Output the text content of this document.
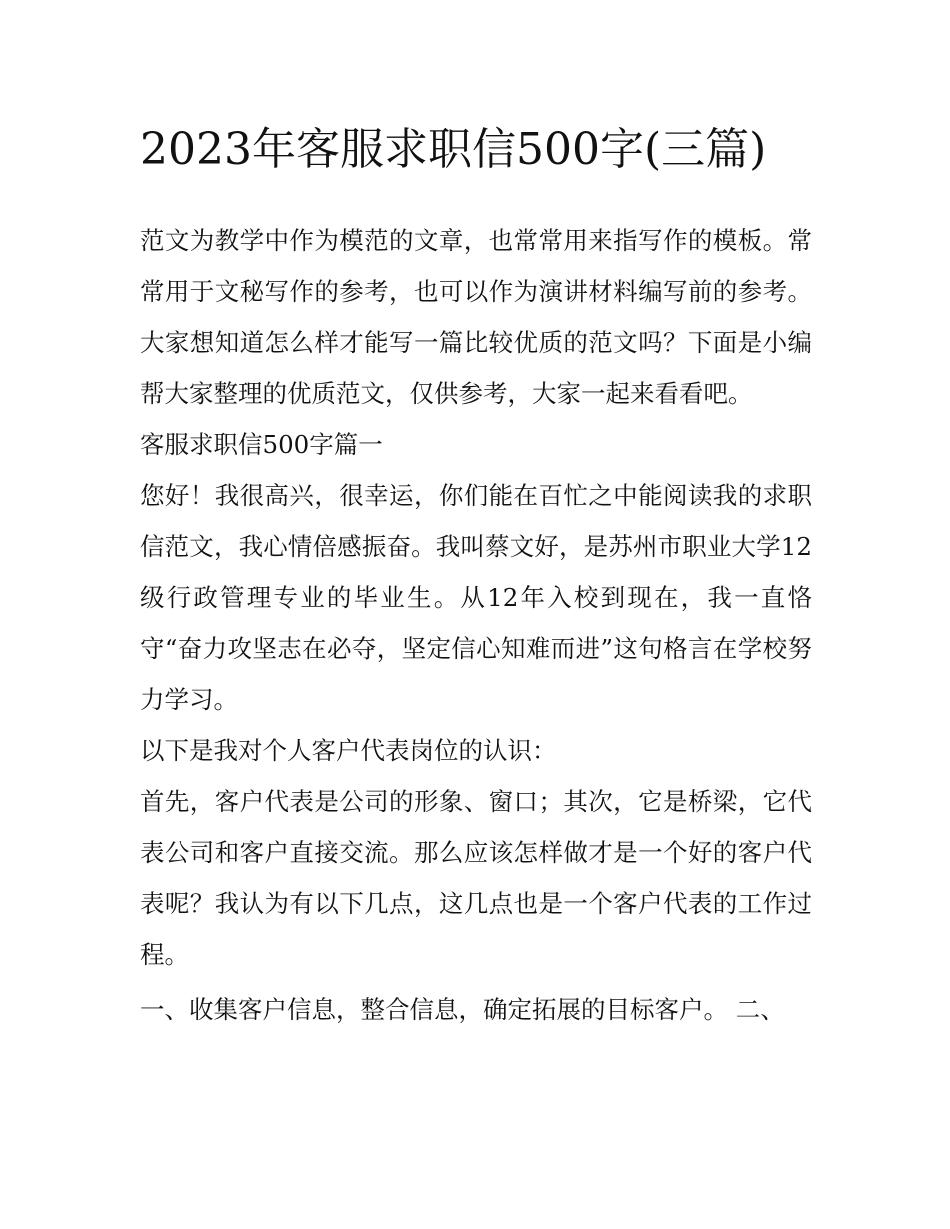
2023年客服求职信500字(三篇)

范文为教学中作为模范的文章，也常常用来指写作的模板。常常用于文秘写作的参考，也可以作为演讲材料编写前的参考。大家想知道怎么样才能写一篇比较优质的范文吗？下面是小编帮大家整理的优质范文，仅供参考，大家一起来看看吧。

客服求职信500字篇一

您好！我很高兴，很幸运，你们能在百忙之中能阅读我的求职信范文，我心情倍感振奋。我叫蔡文好，是苏州市职业大学12级行政管理专业的毕业生。从12年入校到现在，我一直恪守“奋力攻坚志在必夺，坚定信心知难而进”这句格言在学校努力学习。

以下是我对个人客户代表岗位的认识：

首先，客户代表是公司的形象、窗口；其次，它是桥梁，它代表公司和客户直接交流。那么应该怎样做才是一个好的客户代表呢？我认为有以下几点，这几点也是一个客户代表的工作过程。

一、收集客户信息，整合信息，确定拓展的目标客户。 二、
